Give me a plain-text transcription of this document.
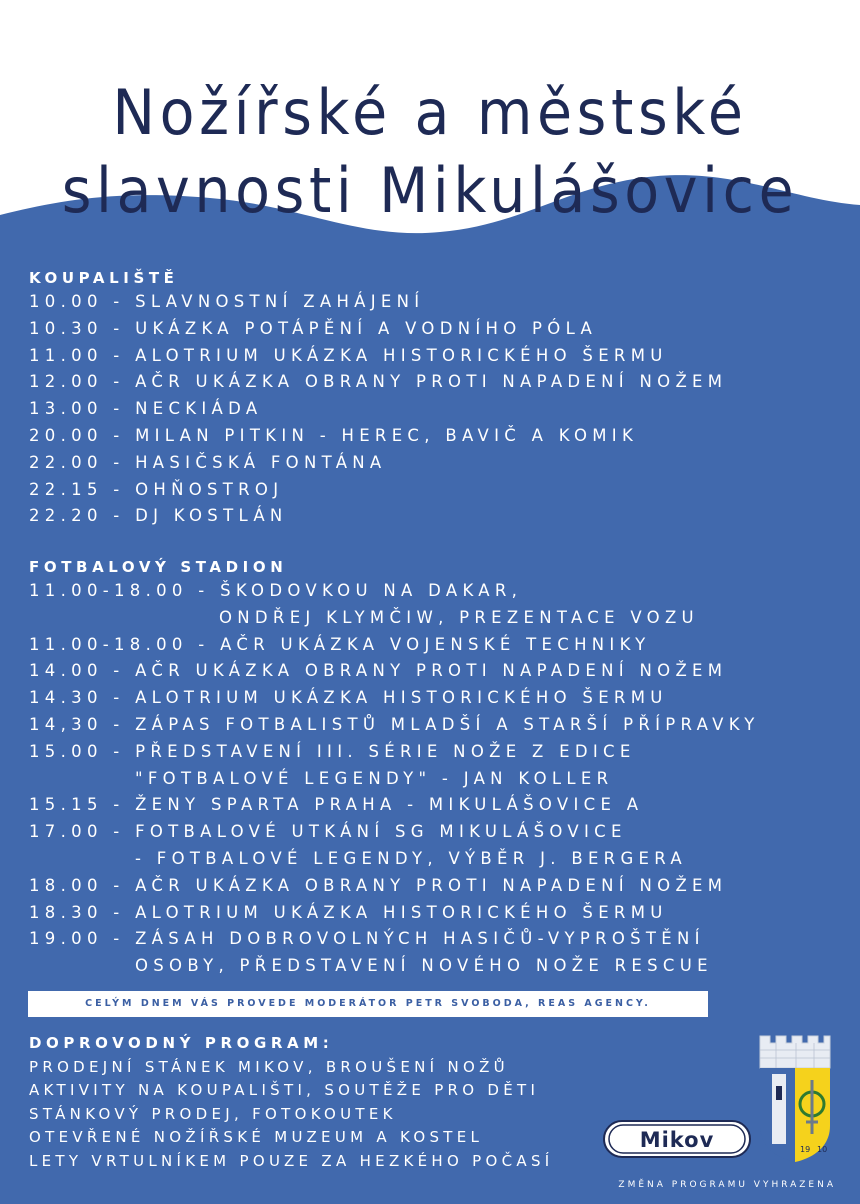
Nožířské a městské
slavnosti Mikulášovice
KOUPALIŠTĚ
10.00 - SLAVNOSTNÍ ZAHÁJENÍ
10.30 - UKÁZKA POTÁPĚNÍ A VODNÍHO PÓLA
11.00 - ALOTRIUM UKÁZKA HISTORICKÉHO ŠERMU
12.00 - AČR UKÁZKA OBRANY PROTI NAPADENÍ NOŽEM
13.00 - NECKIÁDA
20.00 - MILAN PITKIN - HEREC, BAVIČ A KOMIK
22.00 - HASIČSKÁ FONTÁNA
22.15 - OHŇOSTROJ
22.20 - DJ KOSTLÁN
FOTBALOVÝ STADION
11.00-18.00 - ŠKODOVKOU NA DAKAR,
ONDŘEJ KLYMČIW, PREZENTACE VOZU
11.00-18.00 - AČR UKÁZKA VOJENSKÉ TECHNIKY
14.00 - AČR UKÁZKA OBRANY PROTI NAPADENÍ NOŽEM
14.30 - ALOTRIUM UKÁZKA HISTORICKÉHO ŠERMU
14,30 - ZÁPAS FOTBALISTŮ MLADŠÍ A STARŠÍ PŘÍPRAVKY
15.00 - PŘEDSTAVENÍ III. SÉRIE NOŽE Z EDICE
"FOTBALOVÉ LEGENDY" - JAN KOLLER
15.15 - ŽENY SPARTA PRAHA - MIKULÁŠOVICE A
17.00 - FOTBALOVÉ UTKÁNÍ SG MIKULÁŠOVICE
- FOTBALOVÉ LEGENDY, VÝBĚR J. BERGERA
18.00 - AČR UKÁZKA OBRANY PROTI NAPADENÍ NOŽEM
18.30 - ALOTRIUM UKÁZKA HISTORICKÉHO ŠERMU
19.00 - ZÁSAH DOBROVOLNÝCH HASIČŮ-VYPROŠTĚNÍ
OSOBY, PŘEDSTAVENÍ NOVÉHO NOŽE RESCUE
CELÝM DNEM VÁS PROVEDE MODERÁTOR PETR SVOBODA, REAS AGENCY.
DOPROVODNÝ PROGRAM:
PRODEJNÍ STÁNEK MIKOV, BROUŠENÍ NOŽŮ
AKTIVITY NA KOUPALIŠTI, SOUTĚŽE PRO DĚTI
STÁNKOVÝ PRODEJ, FOTOKOUTEK
OTEVŘENÉ NOŽÍŘSKÉ MUZEUM A KOSTEL
LETY VRTULNÍKEM POUZE ZA HEZKÉHO POČASÍ
Mikov	19 10
ZMĚNA PROGRAMU VYHRAZENA
